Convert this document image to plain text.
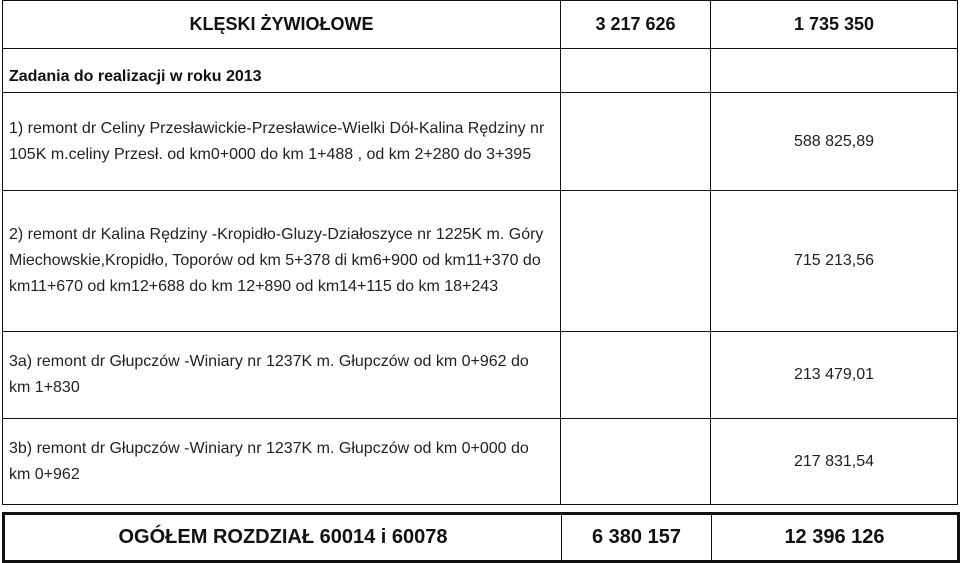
KLĘSKI ŻYWIOŁOWE	3 217 626	1 735 350
Zadania do realizacji w roku 2013		
1) remont dr Celiny Przesławickie-Przesławice-Wielki Dół-Kalina Rędziny nr 105K m.celiny Przesł. od km0+000 do km 1+488 , od km 2+280 do 3+395		588 825,89
2) remont dr Kalina Rędziny -Kropidło-Gluzy-Działoszyce nr 1225K m. Góry Miechowskie,Kropidło, Toporów od km 5+378 di km6+900 od km11+370 do km11+670 od km12+688 do km 12+890 od km14+115 do km 18+243		715 213,56
3a) remont dr Głupczów -Winiary nr 1237K m. Głupczów od km 0+962 do km 1+830		213 479,01
3b) remont dr Głupczów -Winiary nr 1237K m. Głupczów od km 0+000 do km 0+962		217 831,54
OGÓŁEM ROZDZIAŁ 60014 i 60078	6 380 157	12 396 126
